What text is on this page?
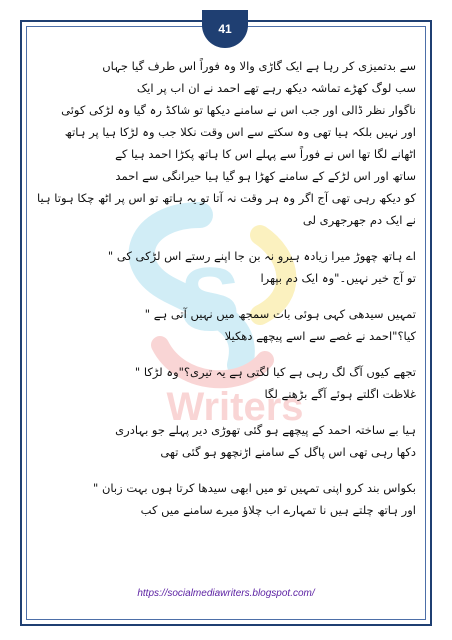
41
S
Writers
سے بدتمیزی کر رہا ہے ایک گاڑی والا وہ فوراً اس طرف گیا جہاں
سب لوگ کھڑے تماشہ دیکھ رہے تھے احمد نے ان اب پر ایک
ناگوار نظر ڈالی اور جب اس نے سامنے دیکھا تو شاکڈ رہ گیا وہ لڑکی کوئی
اور نہیں بلکہ ہیا تھی وہ سکتے سے اس وقت نکلا جب وہ لڑکا ہیا پر ہاتھ
اٹھانے لگا تھا اس نے فوراً سے پہلے اس کا ہاتھ پکڑا احمد ہیا کے
ساتھ اور اس لڑکے کے سامنے کھڑا ہو گیا ہیا حیرانگی سے احمد
کو دیکھ رہی تھی آج اگر وہ ہر وقت نہ آتا تو یہ ہاتھ تو اس پر اٹھ چکا ہوتا ہیا
نے ایک دم جھرجھری لی
اے ہاتھ چھوڑ میرا زیادہ ہیرو نہ بن جا اپنے رستے اس لڑکی کی "
تو آج خیر نہیں۔"وہ ایک دم بپھرا
تمہیں سیدھی کہی ہوئی بات سمجھ میں نہیں آتی ہے "
کیا؟"احمد نے غصے سے اسے پیچھے دھکیلا
تجھے کیوں آگ لگ رہی ہے کیا لگتی ہے یہ تیری؟"وہ لڑکا "
غلاظت اگلتے ہوئے آگے بڑھنے لگا
ہیا بے ساختہ احمد کے پیچھے ہو گئی تھوڑی دیر پہلے جو بہادری
دکھا رہی تھی اس پاگل کے سامنے اڑنچھو ہو گئی تھی
بکواس بند کرو اپنی تمہیں تو میں ابھی سیدھا کرتا ہوں بہت زبان "
اور ہاتھ چلتے ہیں نا تمہارے اب چلاؤ میرے سامنے میں کب
https://socialmediawriters.blogspot.com/
